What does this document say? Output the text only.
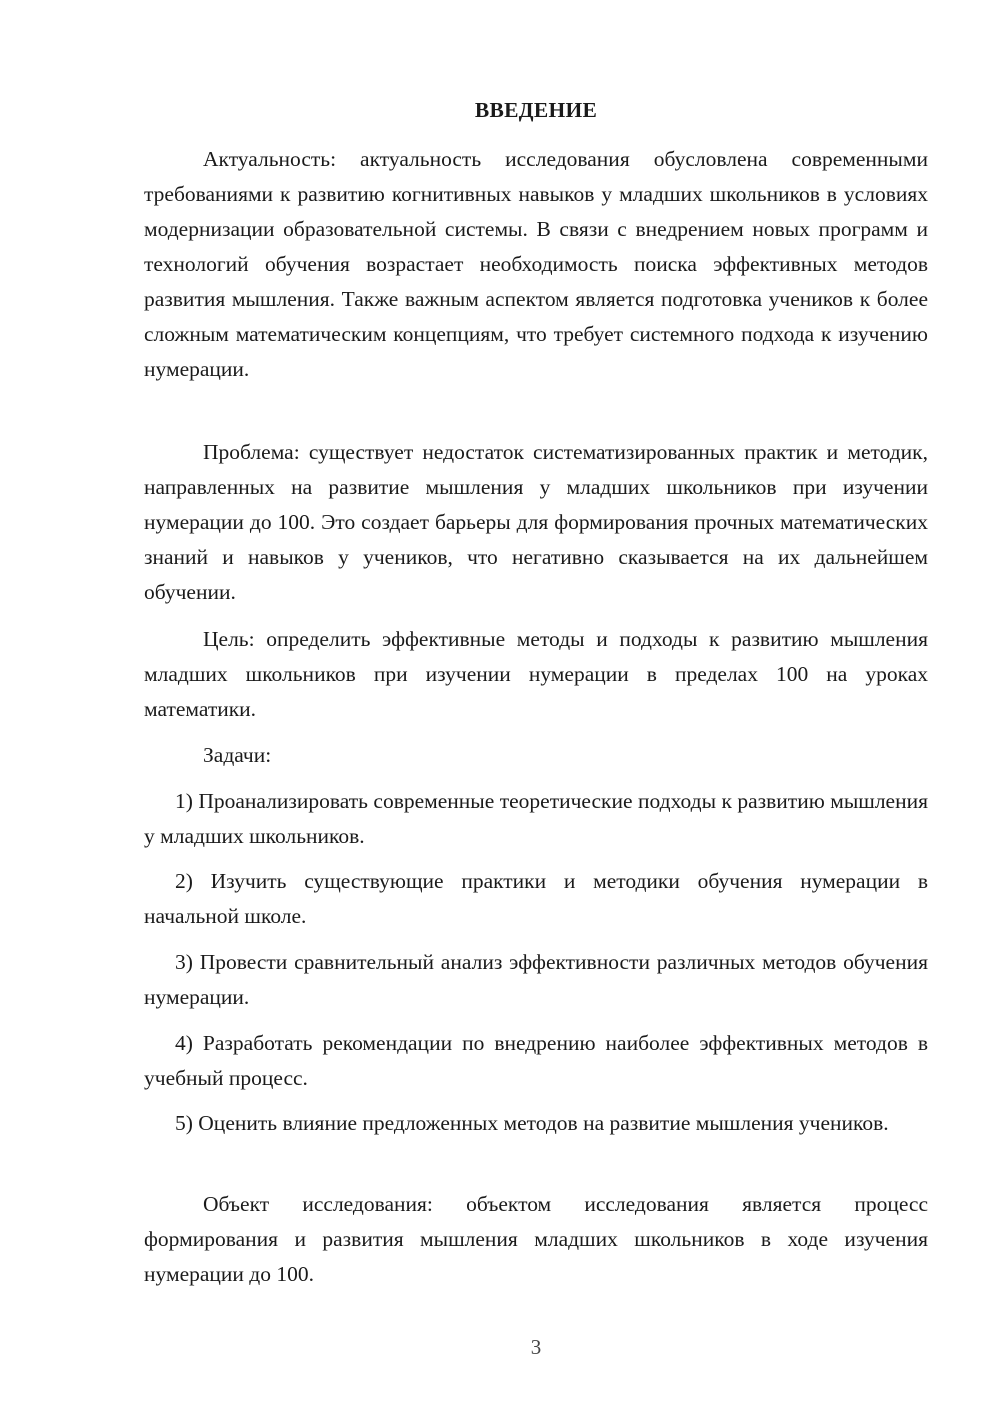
ВВЕДЕНИЕ

Актуальность: актуальность исследования обусловлена современными требованиями к развитию когнитивных навыков у младших школьников в условиях модернизации образовательной системы. В связи с внедрением новых программ и технологий обучения возрастает необходимость поиска эффективных методов развития мышления. Также важным аспектом является подготовка учеников к более сложным математическим концепциям, что требует системного подхода к изучению нумерации.

Проблема: существует недостаток систематизированных практик и методик, направленных на развитие мышления у младших школьников при изучении нумерации до 100. Это создает барьеры для формирования прочных математических знаний и навыков у учеников, что негативно сказывается на их дальнейшем обучении.

Цель: определить эффективные методы и подходы к развитию мышления младших школьников при изучении нумерации в пределах 100 на уроках математики.

Задачи:

1) Проанализировать современные теоретические подходы к развитию мышления у младших школьников.

2) Изучить существующие практики и методики обучения нумерации в начальной школе.

3) Провести сравнительный анализ эффективности различных методов обучения нумерации.

4) Разработать рекомендации по внедрению наиболее эффективных методов в учебный процесс.

5) Оценить влияние предложенных методов на развитие мышления учеников.

Объект исследования: объектом исследования является процесс формирования и развития мышления младших школьников в ходе изучения нумерации до 100.

3
